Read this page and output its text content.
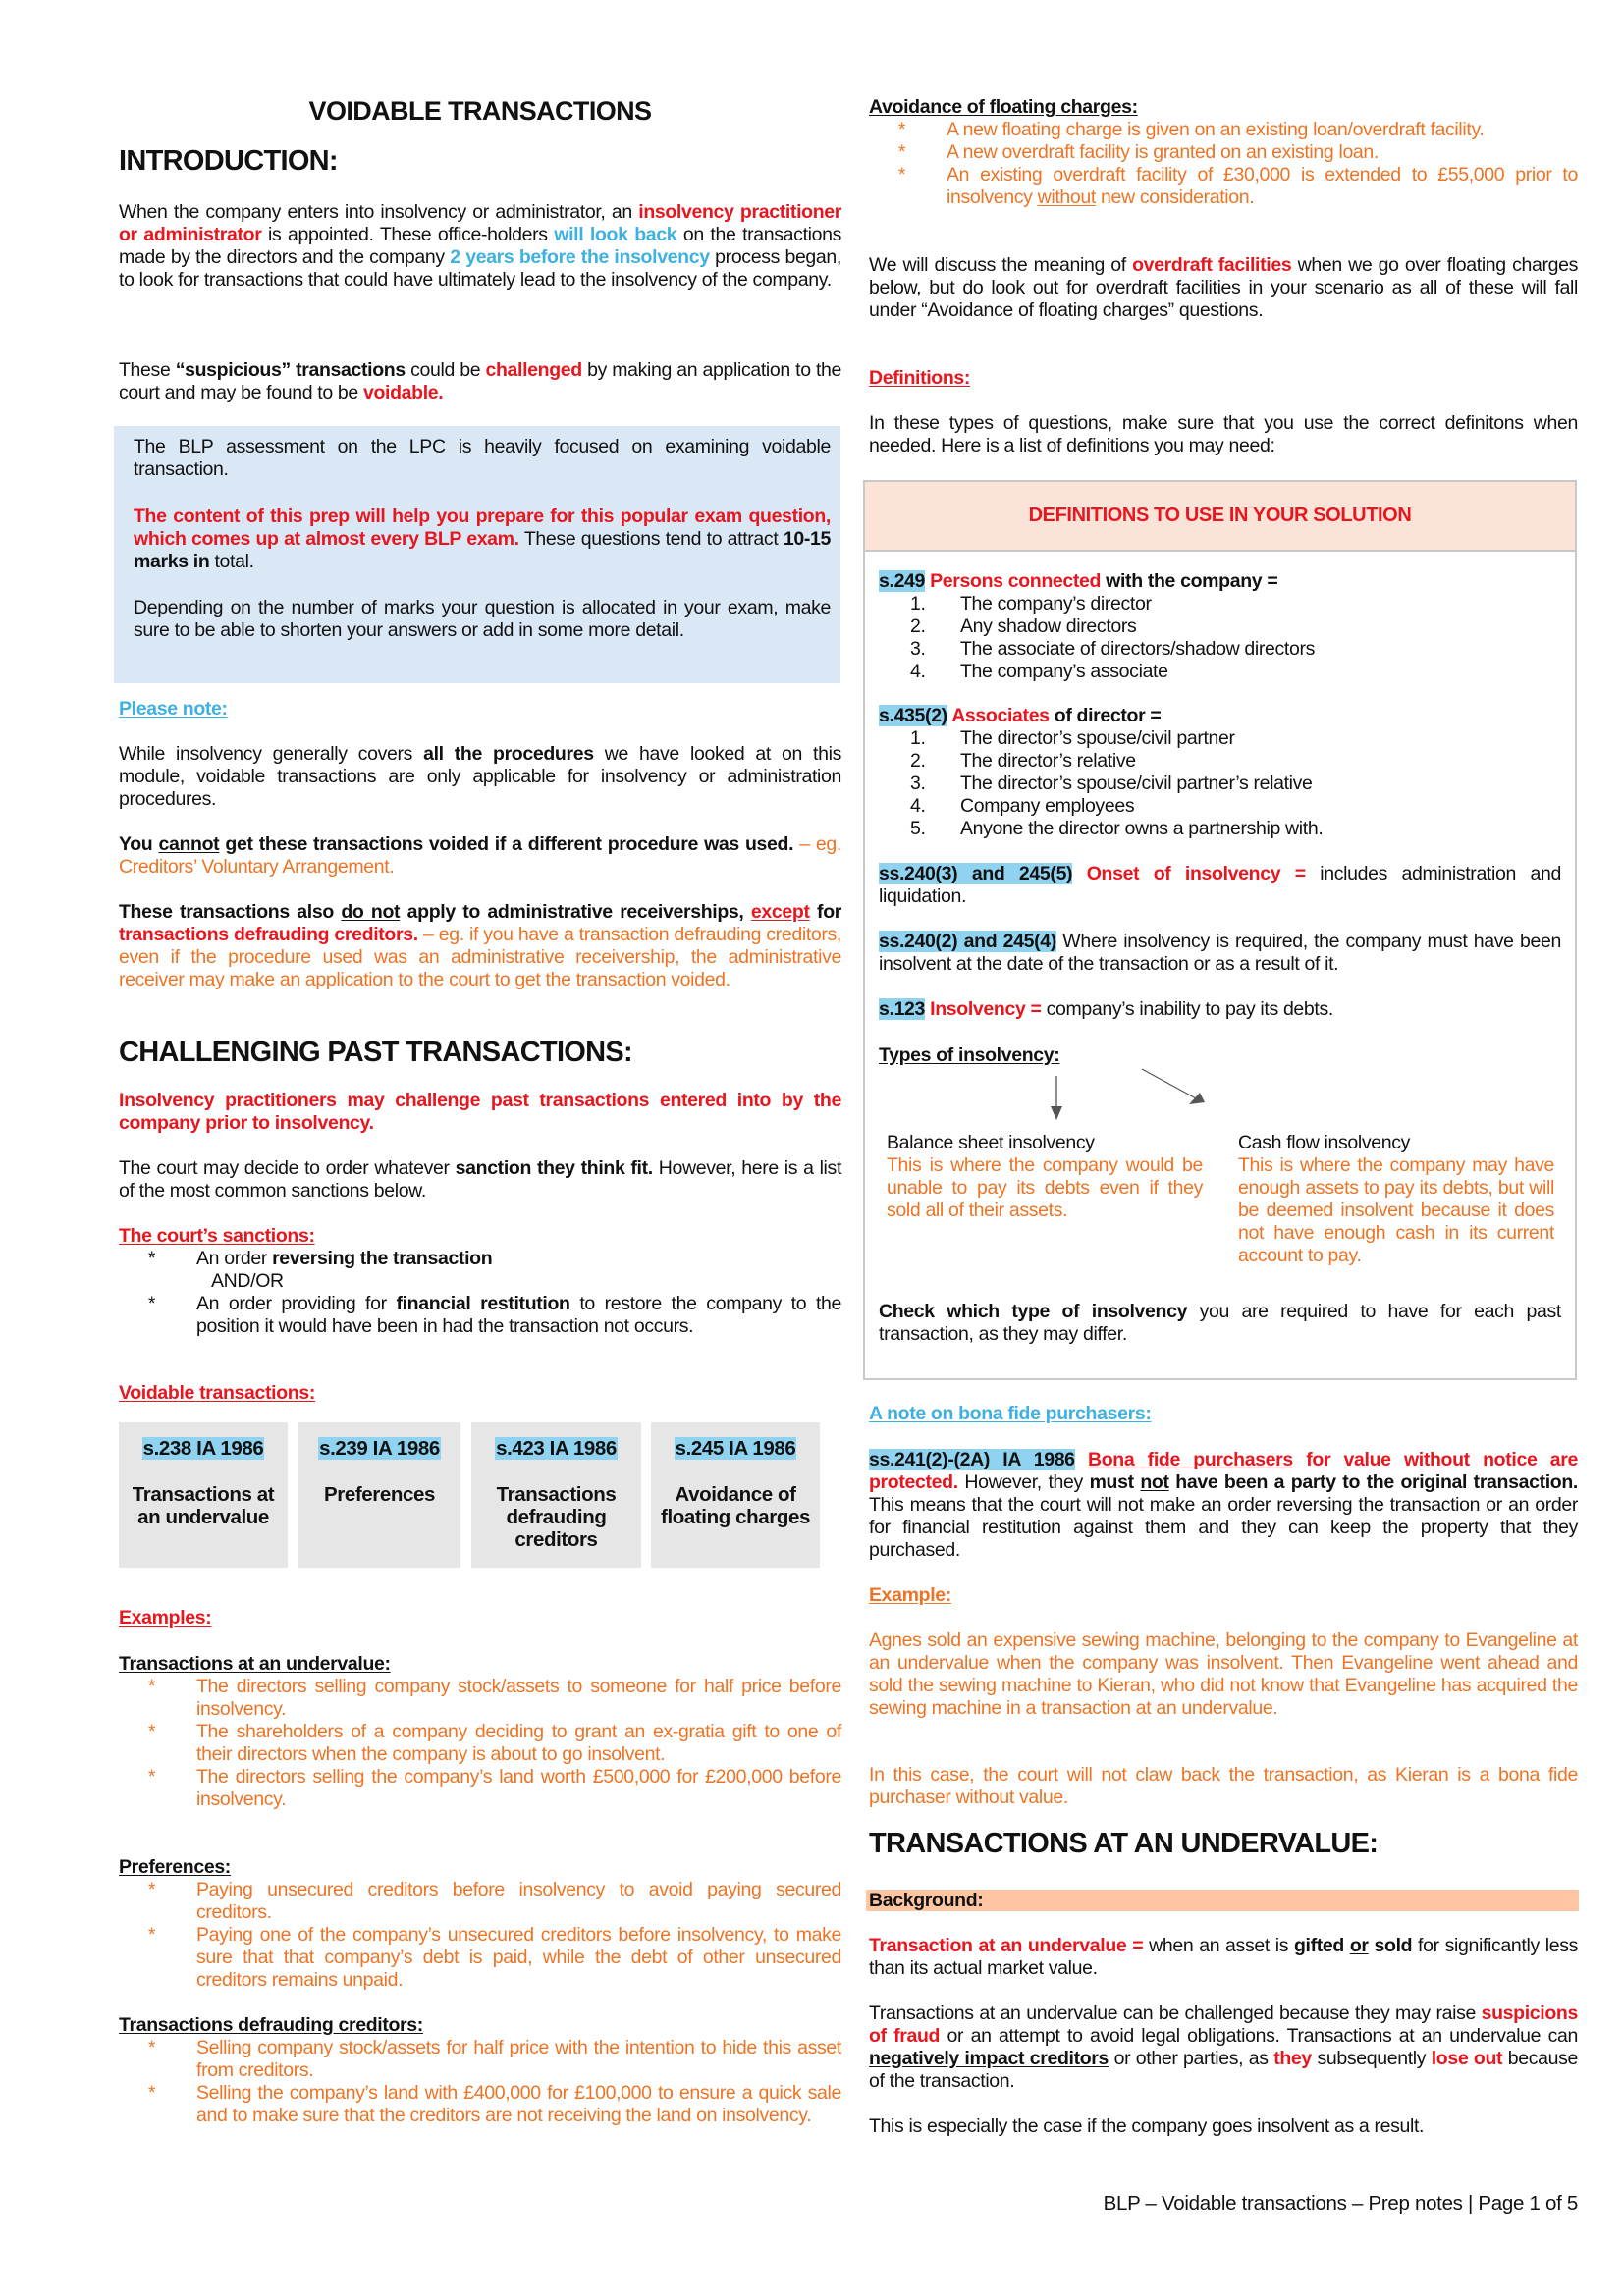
VOIDABLE TRANSACTIONS
INTRODUCTION:

When the company enters into insolvency or administrator, an insolvency practitioner or administrator is appointed. These office-holders will look back on the transactions made by the directors and the company 2 years before the insolvency process began, to look for transactions that could have ultimately lead to the insolvency of the company.

These “suspicious” transactions could be challenged by making an application to the court and may be found to be voidable.

The BLP assessment on the LPC is heavily focused on examining voidable transaction.

The content of this prep will help you prepare for this popular exam question, which comes up at almost every BLP exam. These questions tend to attract 10-15 marks in total.

Depending on the number of marks your question is allocated in your exam, make sure to be able to shorten your answers or add in some more detail.

Please note:

While insolvency generally covers all the procedures we have looked at on this module, voidable transactions are only applicable for insolvency or administration procedures.

You cannot get these transactions voided if a different procedure was used. – eg. Creditors’ Voluntary Arrangement.

These transactions also do not apply to administrative receiverships, except for transactions defrauding creditors. – eg. if you have a transaction defrauding creditors, even if the procedure used was an administrative receivership, the administrative receiver may make an application to the court to get the transaction voided.

CHALLENGING PAST TRANSACTIONS:

Insolvency practitioners may challenge past transactions entered into by the company prior to insolvency.

The court may decide to order whatever sanction they think fit. However, here is a list of the most common sanctions below.

The court’s sanctions:
* An order reversing the transaction
AND/OR
* An order providing for financial restitution to restore the company to the position it would have been in had the transaction not occurs.
Voidable transactions:
s.238 IA 1986
Transactions at an undervalue
s.239 IA 1986
Preferences
s.423 IA 1986
Transactions defrauding creditors
s.245 IA 1986
Avoidance of floating charges
Examples:
Transactions at an undervalue:
* The directors selling company stock/assets to someone for half price before insolvency.
* The shareholders of a company deciding to grant an ex-gratia gift to one of their directors when the company is about to go insolvent.
* The directors selling the company’s land worth £500,000 for £200,000 before insolvency.
Preferences:
* Paying unsecured creditors before insolvency to avoid paying secured creditors.
* Paying one of the company’s unsecured creditors before insolvency, to make sure that that company’s debt is paid, while the debt of other unsecured creditors remains unpaid.
Transactions defrauding creditors:
* Selling company stock/assets for half price with the intention to hide this asset from creditors.
* Selling the company’s land with £400,000 for £100,000 to ensure a quick sale and to make sure that the creditors are not receiving the land on insolvency.
Avoidance of floating charges:
* A new floating charge is given on an existing loan/overdraft facility.
* A new overdraft facility is granted on an existing loan.
* An existing overdraft facility of £30,000 is extended to £55,000 prior to insolvency without new consideration.

We will discuss the meaning of overdraft facilities when we go over floating charges below, but do look out for overdraft facilities in your scenario as all of these will fall under “Avoidance of floating charges” questions.

Definitions:

In these types of questions, make sure that you use the correct definitons when needed. Here is a list of definitions you may need:

DEFINITIONS TO USE IN YOUR SOLUTION
s.249 Persons connected with the company =
1. The company’s director
2. Any shadow directors
3. The associate of directors/shadow directors
4. The company’s associate
s.435(2) Associates of director =
1. The director’s spouse/civil partner
2. The director’s relative
3. The director’s spouse/civil partner’s relative
4. Company employees
5. Anyone the director owns a partnership with.

ss.240(3) and 245(5) Onset of insolvency = includes administration and liquidation.

ss.240(2) and 245(4) Where insolvency is required, the company must have been insolvent at the date of the transaction or as a result of it.

s.123 Insolvency = company’s inability to pay its debts.

Types of insolvency:
Balance sheet insolvency
This is where the company would be unable to pay its debts even if they sold all of their assets.
Cash flow insolvency
This is where the company may have enough assets to pay its debts, but will be deemed insolvent because it does not have enough cash in its current account to pay.

Check which type of insolvency you are required to have for each past transaction, as they may differ.

A note on bona fide purchasers:

ss.241(2)-(2A) IA 1986 Bona fide purchasers for value without notice are protected. However, they must not have been a party to the original transaction. This means that the court will not make an order reversing the transaction or an order for financial restitution against them and they can keep the property that they purchased.

Example:

Agnes sold an expensive sewing machine, belonging to the company to Evangeline at an undervalue when the company was insolvent. Then Evangeline went ahead and sold the sewing machine to Kieran, who did not know that Evangeline has acquired the sewing machine in a transaction at an undervalue.

In this case, the court will not claw back the transaction, as Kieran is a bona fide purchaser without value.

TRANSACTIONS AT AN UNDERVALUE:
Background:

Transaction at an undervalue = when an asset is gifted or sold for significantly less than its actual market value.

Transactions at an undervalue can be challenged because they may raise suspicions of fraud or an attempt to avoid legal obligations. Transactions at an undervalue can negatively impact creditors or other parties, as they subsequently lose out because of the transaction.

This is especially the case if the company goes insolvent as a result.

BLP – Voidable transactions – Prep notes | Page 1 of 5
